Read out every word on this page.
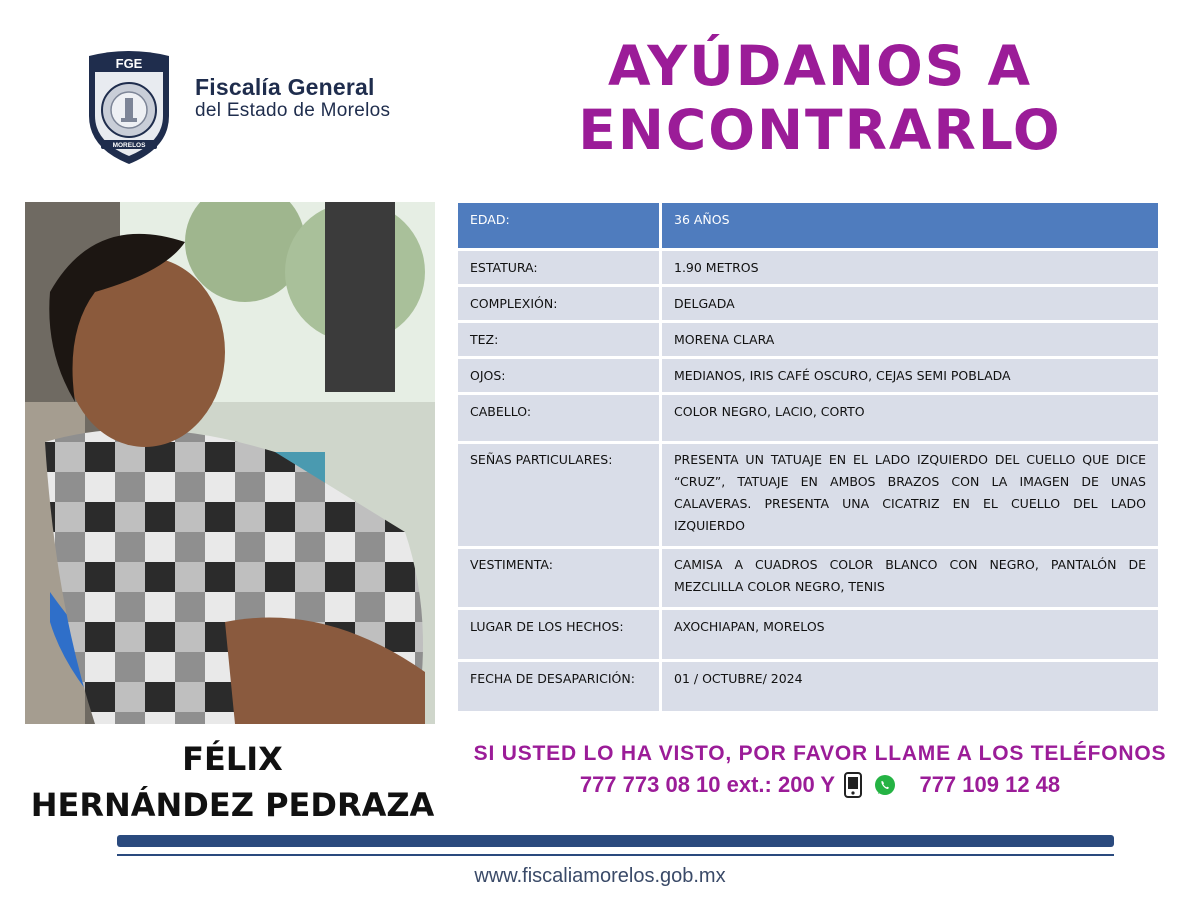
FGE
MORELOS
Fiscalía General
del Estado de Morelos
AYÚDANOS A
ENCONTRARLO
EDAD:	36 AÑOS
ESTATURA:	1.90 METROS
COMPLEXIÓN:	DELGADA
TEZ:	MORENA CLARA
OJOS:	MEDIANOS, IRIS CAFÉ OSCURO, CEJAS SEMI POBLADA
CABELLO:	COLOR NEGRO, LACIO, CORTO
SEÑAS PARTICULARES:	PRESENTA UN TATUAJE EN EL LADO IZQUIERDO DEL CUELLO QUE DICE “CRUZ”, TATUAJE EN AMBOS BRAZOS CON LA IMAGEN DE UNAS CALAVERAS. PRESENTA UNA CICATRIZ EN EL CUELLO DEL LADO IZQUIERDO
VESTIMENTA:	CAMISA A CUADROS COLOR BLANCO CON NEGRO, PANTALÓN DE MEZCLILLA COLOR NEGRO, TENIS
LUGAR DE LOS HECHOS:	AXOCHIAPAN, MORELOS
FECHA DE DESAPARICIÓN:	01 / OCTUBRE/ 2024
FÉLIX
HERNÁNDEZ PEDRAZA
SI USTED LO HA VISTO, POR FAVOR LLAME A LOS TELÉFONOS
777 773 08 10 ext.: 200 Y	777 109 12 48
www.fiscaliamorelos.gob.mx
